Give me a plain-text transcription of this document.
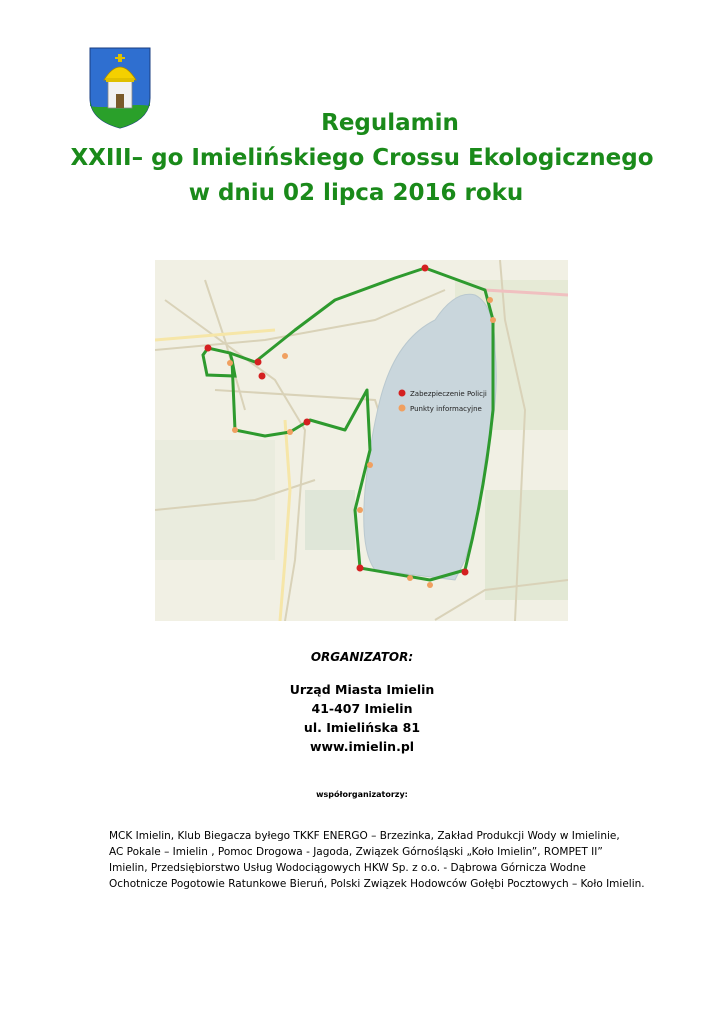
Regulamin
XXIII– go Imielińskiego Crossu Ekologicznego
w dniu 02 lipca 2016 roku
Zabezpieczenie Policji
Punkty informacyjne
ORGANIZATOR:
Urząd Miasta Imielin
41-407 Imielin
ul. Imielińska 81
www.imielin.pl
współorganizatorzy:
MCK Imielin, Klub Biegacza byłego TKKF ENERGO – Brzezinka, Zakład Produkcji Wody w Imielinie,
AC Pokale – Imielin , Pomoc Drogowa - Jagoda, Związek Górnośląski „Koło Imielin”, ROMPET II”
Imielin, Przedsiębiorstwo Usług Wodociągowych HKW Sp. z o.o. - Dąbrowa Górnicza Wodne
Ochotnicze Pogotowie Ratunkowe Bieruń, Polski Związek Hodowców Gołębi Pocztowych – Koło Imielin.
